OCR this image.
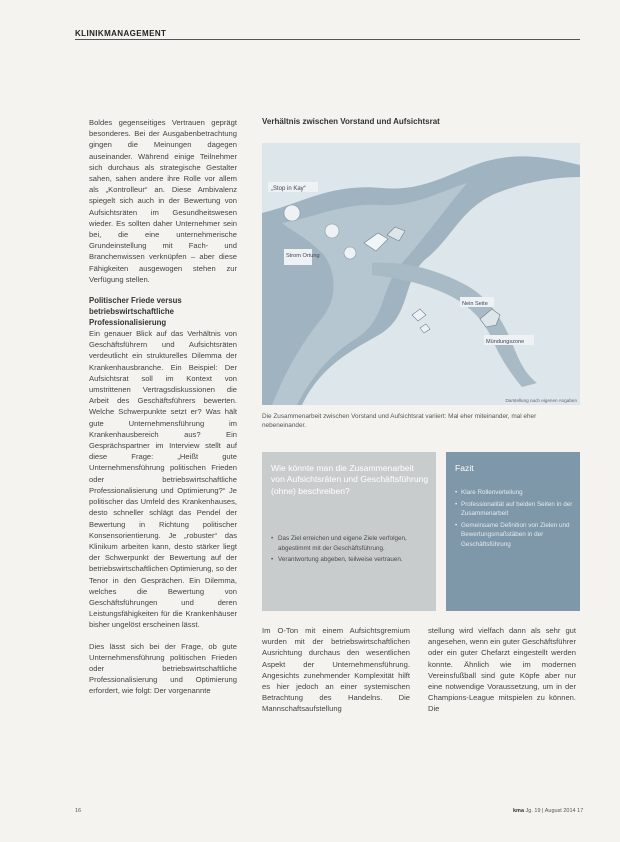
KLINIKMANAGEMENT

Boldes gegenseitiges Vertrauen geprägt besonderes. Bei der Ausgabenbetrachtung gingen die Meinungen dagegen auseinander. Während einige Teilnehmer sich durchaus als strategische Gestalter sahen, sahen andere ihre Rolle vor allem als „Kontrolleur“ an. Diese Ambivalenz spiegelt sich auch in der Bewertung von Aufsichtsräten im Gesundheitswesen wieder. Es sollten daher Unternehmer sein bei, die eine unternehmerische Grundeinstellung mit Fach- und Branchenwissen verknüpfen – aber diese Fähigkeiten ausgewogen stehen zur Verfügung stellen.

Politischer Friede versus betriebswirtschaftliche Professionalisierung

Ein genauer Blick auf das Verhältnis von Geschäftsführern und Aufsichtsräten verdeutlicht ein strukturelles Dilemma der Krankenhausbranche. Ein Beispiel: Der Aufsichtsrat soll im Kontext von umstrittenen Vertragsdiskussionen die Arbeit des Geschäftsführers bewerten. Welche Schwerpunkte setzt er? Was hält gute Unternehmensführung im Krankenhausbereich aus? Ein Gesprächspartner im Interview stellt auf diese Frage: „Heißt gute Unternehmensführung politischen Frieden oder betriebswirtschaftliche Professionalisierung und Optimierung?“ Je politischer das Umfeld des Krankenhauses, desto schneller schlägt das Pendel der Bewertung in Richtung politischer Konsensorientierung. Je „robuster“ das Klinikum arbeiten kann, desto stärker liegt der Schwerpunkt der Bewertung auf der betriebswirtschaftlichen Optimierung, so der Tenor in den Gesprächen. Ein Dilemma, welches die Bewertung von Geschäftsführungen und deren Leistungsfähigkeiten für die Krankenhäuser bisher ungelöst erscheinen lässt.

Dies lässt sich bei der Frage, ob gute Unternehmensführung politischen Frieden oder betriebswirtschaftliche Professionalisierung und Optimierung erfordert, wie folgt: Der vorgenannte

Verhältnis zwischen Vorstand und Aufsichtsrat
„Stop in Kay“
Strom Ortung
Nein Seite
Mündungszone
Darstellung nach eigenen Angaben
Die Zusammenarbeit zwischen Vorstand und Aufsichtsrat variiert: Mal eher miteinander, mal eher nebeneinander.
Wie könnte man die Zusammenarbeit von Aufsichtsräten und Geschäftsführung (ohne) beschreiben?
• Das Ziel erreichen und eigene Ziele verfolgen, abgestimmt mit der Geschäftsführung.
• Verantwortung abgeben, teilweise vertrauen.
Fazit
• Klare Rollenverteilung
• Professionalität auf beiden Seiten in der Zusammenarbeit
• Gemeinsame Definition von Zielen und Bewertungsmaßstäben in der Geschäftsführung

Im O-Ton mit einem Aufsichtsgremium wurden mit der betriebswirtschaftlichen Ausrichtung durchaus den wesentlichen Aspekt der Unternehmensführung. Angesichts zunehmender Komplexität hilft es hier jedoch an einer systemischen Betrachtung des Handelns. Die Mannschaftsaufstellung

stellung wird vielfach dann als sehr gut angesehen, wenn ein guter Geschäftsführer oder ein guter Chefarzt eingestellt werden konnte. Ähnlich wie im modernen Vereinsfußball sind gute Köpfe aber nur eine notwendige Voraussetzung, um in der Champions-League mitspielen zu können. Die

16	kma Jg. 19 | August 2014 17
